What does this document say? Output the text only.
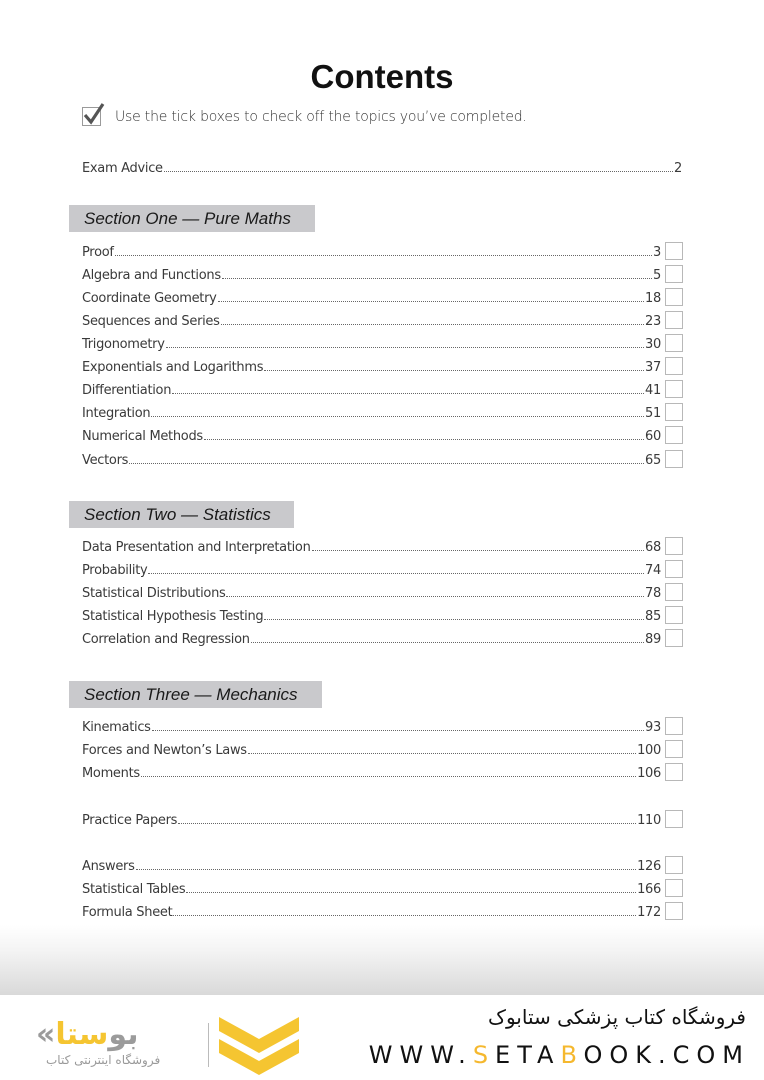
Contents
Use the tick boxes to check off the topics you’ve completed.
Exam Advice	2
Section One — Pure Maths
Proof	3
Algebra and Functions	5
Coordinate Geometry	18
Sequences and Series	23
Trigonometry	30
Exponentials and Logarithms	37
Differentiation	41
Integration	51
Numerical Methods	60
Vectors	65
Section Two — Statistics
Data Presentation and Interpretation	68
Probability	74
Statistical Distributions	78
Statistical Hypothesis Testing	85
Correlation and Regression	89
Section Three — Mechanics
Kinematics	93
Forces and Newton’s Laws	100
Moments	106
Practice Papers	110
Answers	126
Statistical Tables	166
Formula Sheet	172
«بوستا
فروشگاه اینترنتی کتاب
فروشگاه کتاب پزشکی ستابوک
WWW.SETABOOK.COM
